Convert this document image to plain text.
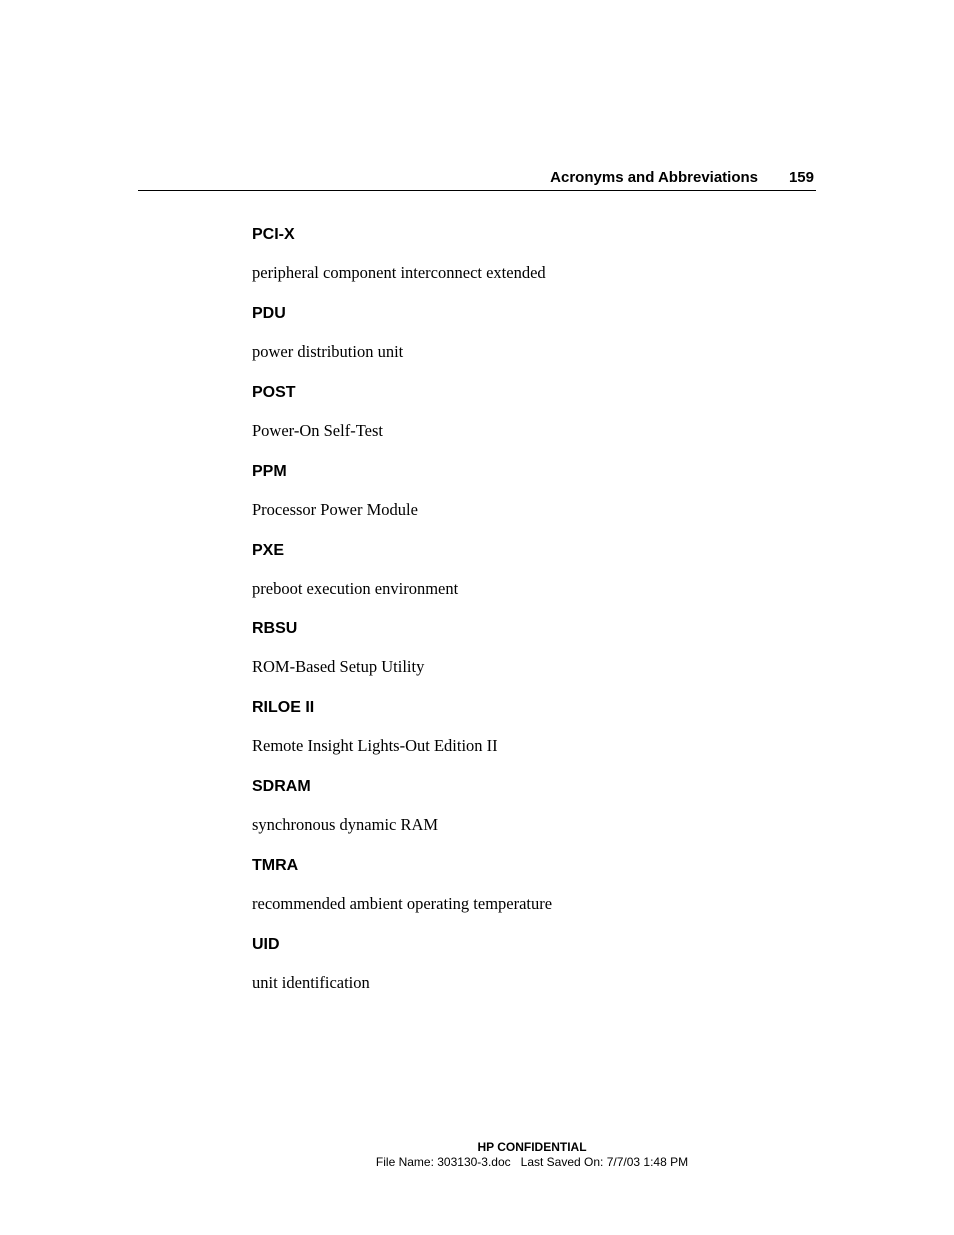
Acronyms and Abbreviations 159
PCI-X
peripheral component interconnect extended
PDU
power distribution unit
POST
Power-On Self-Test
PPM
Processor Power Module
PXE
preboot execution environment
RBSU
ROM-Based Setup Utility
RILOE II
Remote Insight Lights-Out Edition II
SDRAM
synchronous dynamic RAM
TMRA
recommended ambient operating temperature
UID
unit identification
HP CONFIDENTIAL
File Name: 303130-3.doc   Last Saved On: 7/7/03 1:48 PM
